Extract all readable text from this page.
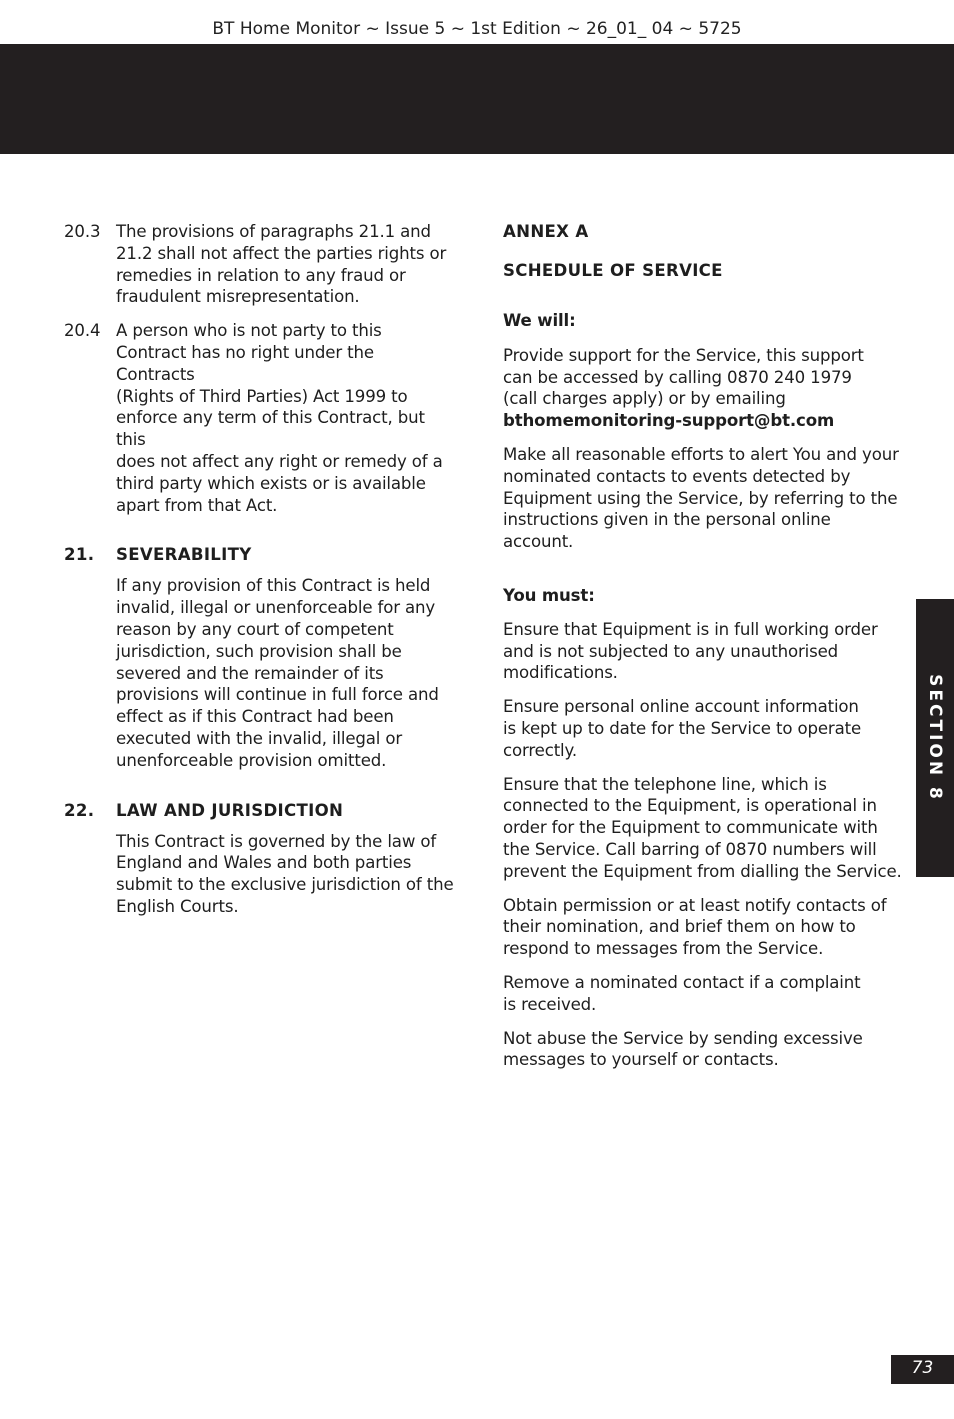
BT Home Monitor ~ Issue 5 ~ 1st Edition ~ 26_01_ 04 ~ 5725
20.3 The provisions of paragraphs 21.1 and
21.2 shall not affect the parties rights or
remedies in relation to any fraud or
fraudulent misrepresentation.

20.4 A person who is not party to this
Contract has no right under the Contracts
(Rights of Third Parties) Act 1999 to
enforce any term of this Contract, but this
does not affect any right or remedy of a
third party which exists or is available
apart from that Act.

21. SEVERABILITY

If any provision of this Contract is held
invalid, illegal or unenforceable for any
reason by any court of competent
jurisdiction, such provision shall be
severed and the remainder of its
provisions will continue in full force and
effect as if this Contract had been
executed with the invalid, illegal or
unenforceable provision omitted.

22. LAW AND JURISDICTION

This Contract is governed by the law of
England and Wales and both parties
submit to the exclusive jurisdiction of the
English Courts.

ANNEX A

SCHEDULE OF SERVICE

We will:

Provide support for the Service, this support
can be accessed by calling 0870 240 1979
(call charges apply) or by emailing

bthomemonitoring-support@bt.com

Make all reasonable efforts to alert You and your
nominated contacts to events detected by
Equipment using the Service, by referring to the
instructions given in the personal online account.

You must:

Ensure that Equipment is in full working order
and is not subjected to any unauthorised
modifications.

Ensure personal online account information
is kept up to date for the Service to operate
correctly.

Ensure that the telephone line, which is
connected to the Equipment, is operational in
order for the Equipment to communicate with
the Service. Call barring of 0870 numbers will
prevent the Equipment from dialling the Service.

Obtain permission or at least notify contacts of
their nomination, and brief them on how to
respond to messages from the Service.

Remove a nominated contact if a complaint
is received.

Not abuse the Service by sending excessive
messages to yourself or contacts.

SECTION 8
73
